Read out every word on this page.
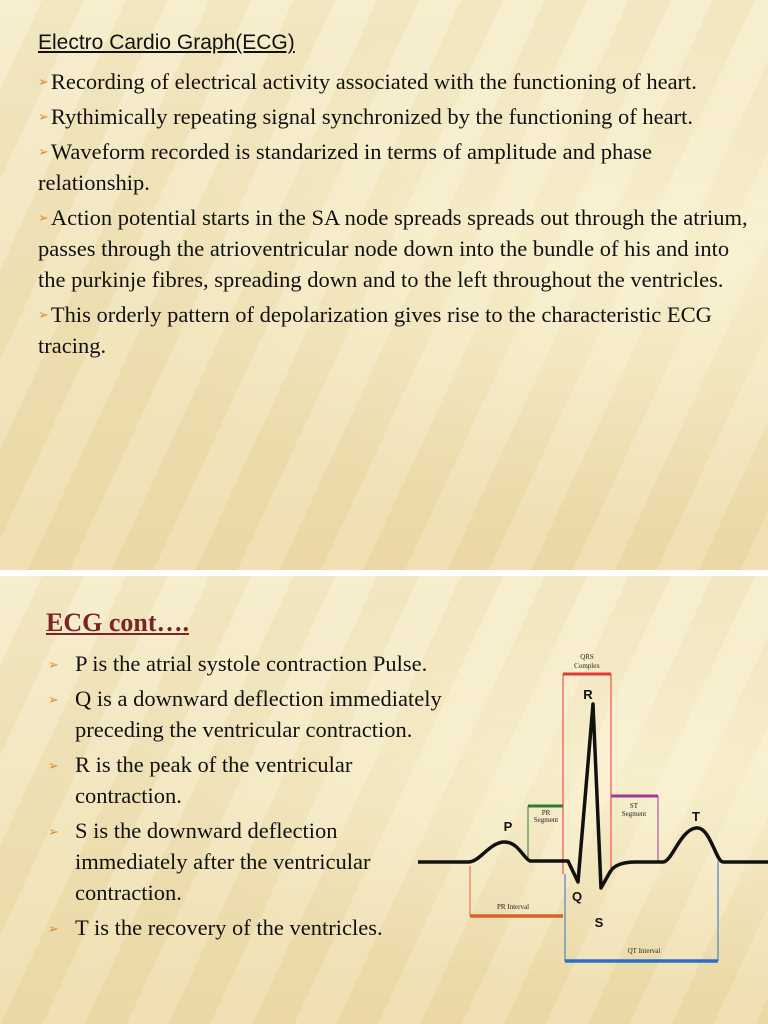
Electro Cardio Graph(ECG)
➢Recording of electrical activity associated with the functioning of heart.
➢Rythimically repeating signal synchronized by the functioning of heart.
➢Waveform recorded is standarized in terms of amplitude and phase relationship.
➢Action potential starts in the SA node spreads spreads out through the atrium, passes through the atrioventricular node down into the bundle of his and into the purkinje fibres, spreading down and to the left throughout the ventricles.
➢This orderly pattern of depolarization gives rise to the characteristic ECG tracing.
ECG cont….
➢ P is the atrial systole contraction Pulse.
➢ Q is a downward deflection immediately preceding the ventricular contraction.
➢ R is the peak of the ventricular contraction.
➢ S is the downward deflection immediately after the ventricular contraction.
➢ T is the recovery of the ventricles.
QRS
Complex
PR
Segment
ST
Segment
PR Interval
QT Interval
P
Q
R
S
T
